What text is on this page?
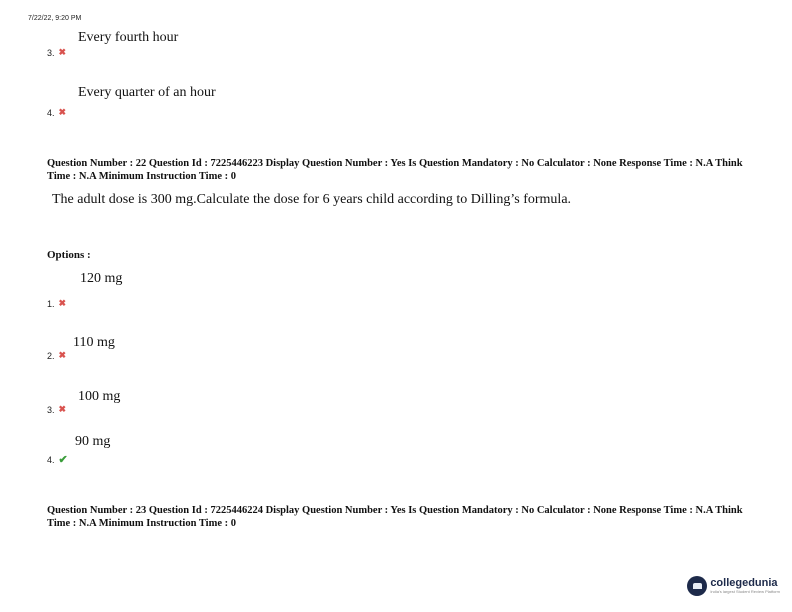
7/22/22, 9:20 PM
Every fourth hour
3. ✖
Every quarter of an hour
4. ✖
Question Number : 22 Question Id : 7225446223 Display Question Number : Yes Is Question Mandatory : No Calculator : None Response Time : N.A Think Time : N.A Minimum Instruction Time : 0
The adult dose is 300 mg.Calculate the dose for 6 years child according to Dilling’s formula.
Options :
120 mg
1. ✖
110 mg
2. ✖
100 mg
3. ✖
90 mg
4. ✔
Question Number : 23 Question Id : 7225446224 Display Question Number : Yes Is Question Mandatory : No Calculator : None Response Time : N.A Think Time : N.A Minimum Instruction Time : 0
collegedunia
India's largest Student Review Platform
